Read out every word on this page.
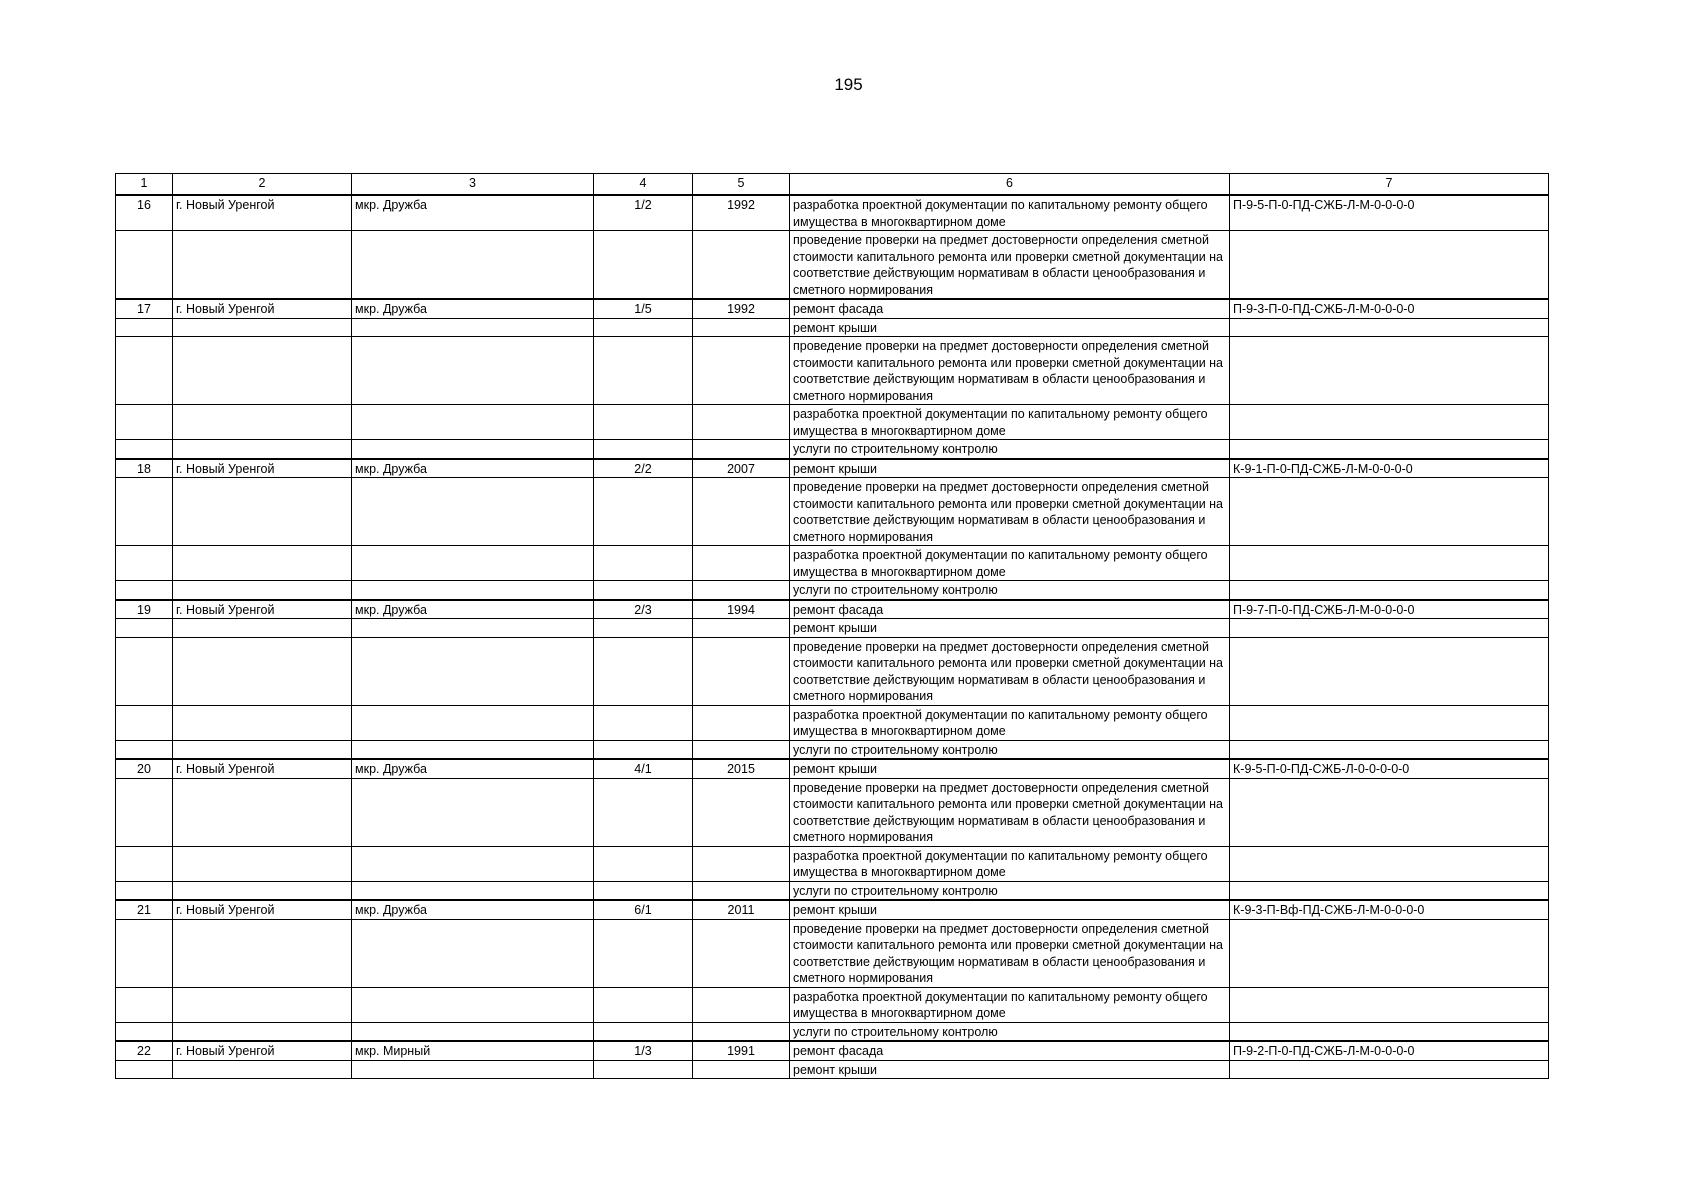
195
1	2	3	4	5	6	7
16	г. Новый Уренгой	мкр. Дружба	1/2	1992	разработка проектной документации по капитальному ремонту общего имущества в многоквартирном доме	П-9-5-П-0-ПД-СЖБ-Л-М-0-0-0-0
					проведение проверки на предмет достоверности определения сметной стоимости капитального ремонта или проверки сметной документации на соответствие действующим нормативам в области ценообразования и сметного нормирования	
17	г. Новый Уренгой	мкр. Дружба	1/5	1992	ремонт фасада	П-9-3-П-0-ПД-СЖБ-Л-М-0-0-0-0
					ремонт крыши	
					проведение проверки на предмет достоверности определения сметной стоимости капитального ремонта или проверки сметной документации на соответствие действующим нормативам в области ценообразования и сметного нормирования	
					разработка проектной документации по капитальному ремонту общего имущества в многоквартирном доме	
					услуги по строительному контролю	
18	г. Новый Уренгой	мкр. Дружба	2/2	2007	ремонт крыши	К-9-1-П-0-ПД-СЖБ-Л-М-0-0-0-0
					проведение проверки на предмет достоверности определения сметной стоимости капитального ремонта или проверки сметной документации на соответствие действующим нормативам в области ценообразования и сметного нормирования	
					разработка проектной документации по капитальному ремонту общего имущества в многоквартирном доме	
					услуги по строительному контролю	
19	г. Новый Уренгой	мкр. Дружба	2/3	1994	ремонт фасада	П-9-7-П-0-ПД-СЖБ-Л-М-0-0-0-0
					ремонт крыши	
					проведение проверки на предмет достоверности определения сметной стоимости капитального ремонта или проверки сметной документации на соответствие действующим нормативам в области ценообразования и сметного нормирования	
					разработка проектной документации по капитальному ремонту общего имущества в многоквартирном доме	
					услуги по строительному контролю	
20	г. Новый Уренгой	мкр. Дружба	4/1	2015	ремонт крыши	К-9-5-П-0-ПД-СЖБ-Л-0-0-0-0-0
					проведение проверки на предмет достоверности определения сметной стоимости капитального ремонта или проверки сметной документации на соответствие действующим нормативам в области ценообразования и сметного нормирования	
					разработка проектной документации по капитальному ремонту общего имущества в многоквартирном доме	
					услуги по строительному контролю	
21	г. Новый Уренгой	мкр. Дружба	6/1	2011	ремонт крыши	К-9-3-П-Вф-ПД-СЖБ-Л-М-0-0-0-0
					проведение проверки на предмет достоверности определения сметной стоимости капитального ремонта или проверки сметной документации на соответствие действующим нормативам в области ценообразования и сметного нормирования	
					разработка проектной документации по капитальному ремонту общего имущества в многоквартирном доме	
					услуги по строительному контролю	
22	г. Новый Уренгой	мкр. Мирный	1/3	1991	ремонт фасада	П-9-2-П-0-ПД-СЖБ-Л-М-0-0-0-0
					ремонт крыши	
